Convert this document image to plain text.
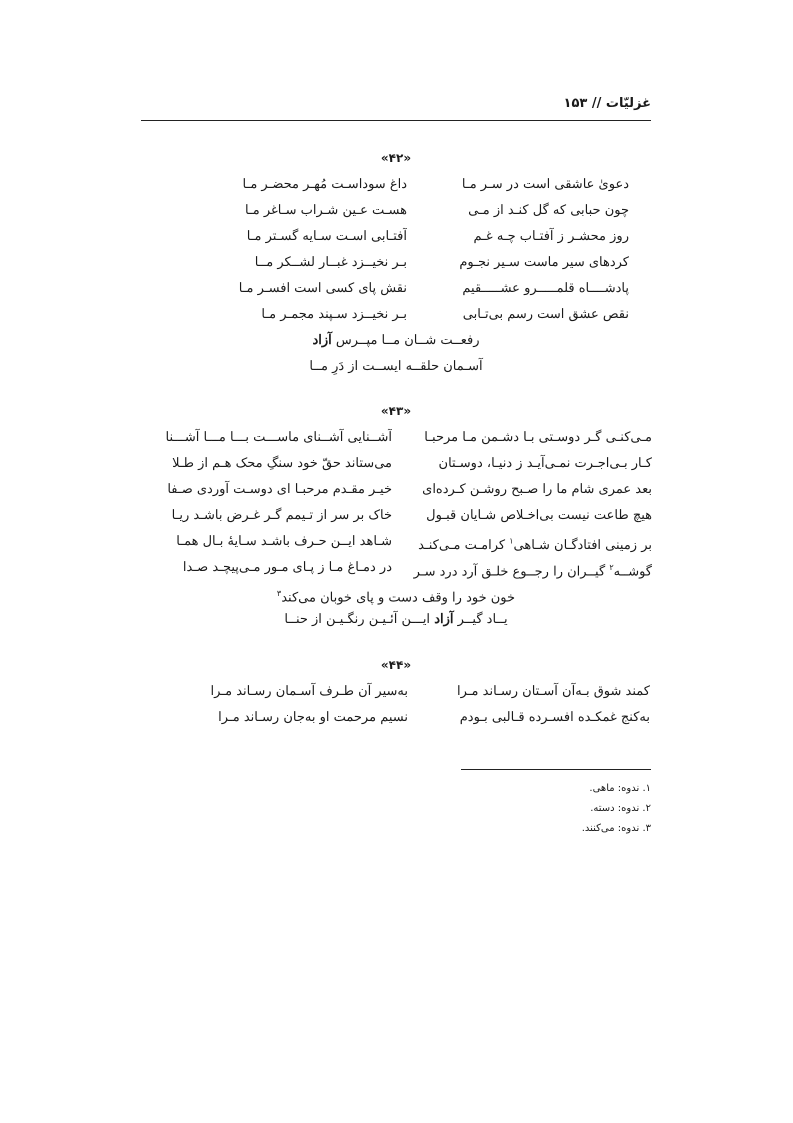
غزلیّات // ۱۵۳
«۴۲»
دعویٰ عاشقی است در سـر مـا
داغ سوداسـت مُهـر محضـر مـا
چون حبابی که گل کنـد از مـی
هسـت عـین شـراب سـاغر مـا
روز محشـر ز آفتـاب چـه غـم
آفتـابی اسـت سـایه گسـتر مـا
کردهای سیر ماست سـیر نجـوم
بـر نخیــزد غبــار لشــکر مــا
پادشــــاه قلمـــــرو عشـــــقیم
نقش پای کسی است افسـر مـا
نقص عشق است رسم بی‌تـابی
بـر نخیــزد سـپند مجمـر مـا
رفعــت شــان مــا مپــرس آزاد
آسـمان حلقــه ایســت از دَرِ مــا
«۴۳»
مـی‌کنـی گـر دوسـتی بـا دشـمن مـا مرحبـا
آشــنایی آشــنای ماســـت بـــا مـــا آشـــنا
کـار بـی‌اجـرت نمـی‌آیـد ز دنیـا، دوسـتان
می‌ستاند حقّ خود سنگِ محک هـم از طـلا
بعد عمری شام ما را صـبح روشـن کـرده‌ای
خیـر مقـدم مرحبـا ای دوسـت آوردی صـفا
هیچ طاعت نیست بی‌اخـلاص شـایان قبـول
خاک بر سر از تـیمم گـر غـرض باشـد ریـا
بر زمینی افتادگـان شـاهی$^۱$ کرامـت مـی‌کنـد
شـاهد ایــن حـرف باشـد سـایهٔ بـال همـا
گوشــه$^۲$ گیــران را رجــوع خلـق آرد درد سـر
در دمـاغ مـا ز پـای مـور مـی‌پیچـد صـدا
خون خود را وقف دست و پای خوبان می‌کند$^۳$
یــاد گیــر آزاد ایـــن آئـیـن رنگـیـن از حنــا
«۴۴»
کمند شوق بـه‌آن آسـتان رسـاند مـرا
به‌سیر آن طـرف آسـمان رسـاند مـرا
به‌کنج غمکـده افسـرده قـالبی بـودم
نسیم مرحمت او به‌جان رسـاند مـرا
۱. ندوه: ماهی.
۲. ندوه: دسته.
۳. ندوه: می‌کنند.
